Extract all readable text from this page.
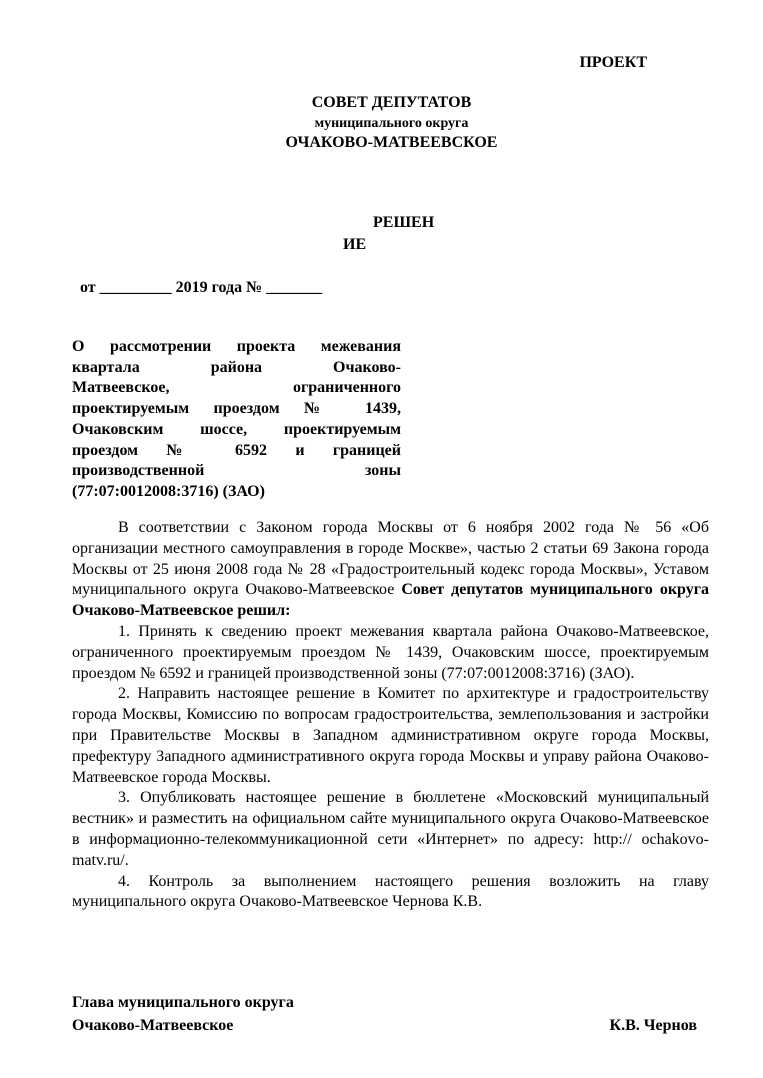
ПРОЕКТ
СОВЕТ ДЕПУТАТОВ
муниципального округа
ОЧАКОВО-МАТВЕЕВСКОЕ
РЕШЕН
ИЕ
от _________ 2019 года № _______
О рассмотрении проекта межевания
квартала района Очаково-
Матвеевское, ограниченного
проектируемым проездом № 1439,
Очаковским шоссе, проектируемым
проездом № 6592 и границей
производственной зоны
(77:07:0012008:3716) (ЗАО)

В соответствии с Законом города Москвы от 6 ноября 2002 года № 56 «Об организации местного самоуправления в городе Москве», частью 2 статьи 69 Закона города Москвы от 25 июня 2008 года № 28 «Градостроительный кодекс города Москвы», Уставом муниципального округа Очаково-Матвеевское Совет депутатов муниципального округа Очаково-Матвеевское решил:

1. Принять к сведению проект межевания квартала района Очаково-Матвеевское, ограниченного проектируемым проездом № 1439, Очаковским шоссе, проектируемым проездом № 6592 и границей производственной зоны (77:07:0012008:3716) (ЗАО).

2. Направить настоящее решение в Комитет по архитектуре и градостроительству города Москвы, Комиссию по вопросам градостроительства, землепользования и застройки при Правительстве Москвы в Западном административном округе города Москвы, префектуру Западного административного округа города Москвы и управу района Очаково-Матвеевское города Москвы.

3. Опубликовать настоящее решение в бюллетене «Московский муниципальный вестник» и разместить на официальном сайте муниципального округа Очаково-Матвеевское в информационно-телекоммуникационной сети «Интернет» по адресу: http:// ochakovo-matv.ru/.

4. Контроль за выполнением настоящего решения возложить на главу муниципального округа Очаково-Матвеевское Чернова К.В.

Глава муниципального округа
Очаково-Матвеевское	К.В. Чернов
